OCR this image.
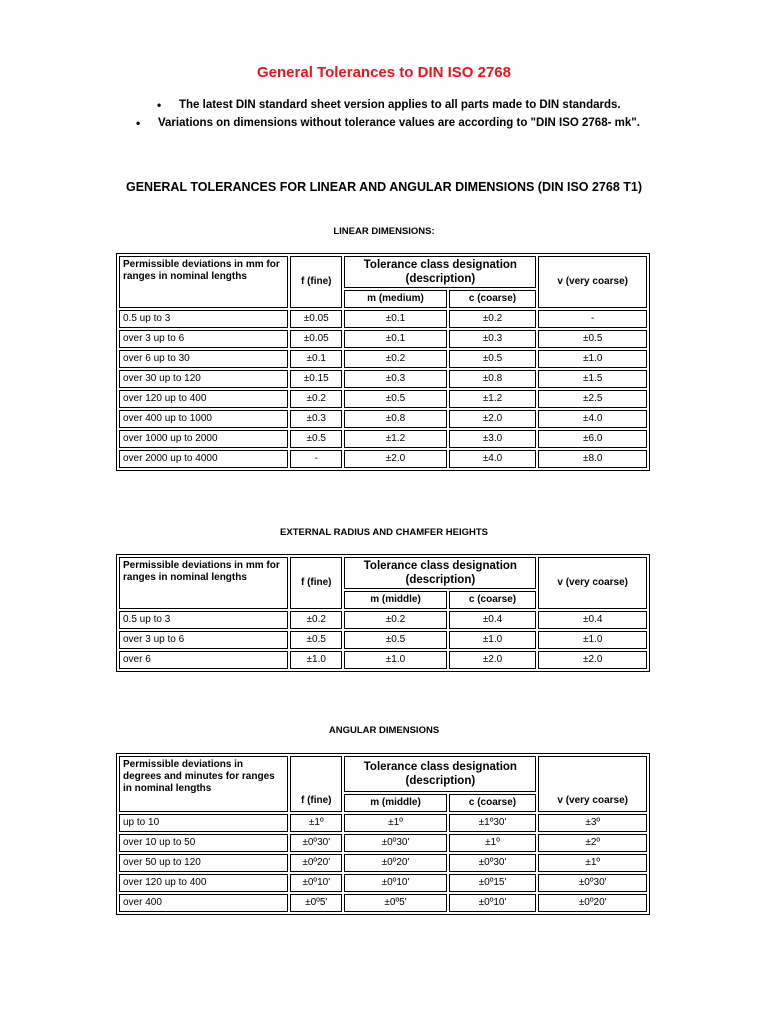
General Tolerances to DIN ISO 2768
• The latest DIN standard sheet version applies to all parts made to DIN standards.
• Variations on dimensions without tolerance values are according to "DIN ISO 2768- mk".
GENERAL TOLERANCES FOR LINEAR AND ANGULAR DIMENSIONS (DIN ISO 2768 T1)
LINEAR DIMENSIONS:
Permissible deviations in mm for ranges in nominal lengths	f (fine)	Tolerance class designation (description)		v (very coarse)
		m (medium)	c (coarse)	
0.5 up to 3	±0.05	±0.1	±0.2	-
over 3 up to 6	±0.05	±0.1	±0.3	±0.5
over 6 up to 30	±0.1	±0.2	±0.5	±1.0
over 30 up to 120	±0.15	±0.3	±0.8	±1.5
over 120 up to 400	±0.2	±0.5	±1.2	±2.5
over 400 up to 1000	±0.3	±0.8	±2.0	±4.0
over 1000 up to 2000	±0.5	±1.2	±3.0	±6.0
over 2000 up to 4000	-	±2.0	±4.0	±8.0
EXTERNAL RADIUS AND CHAMFER HEIGHTS
Permissible deviations in mm for ranges in nominal lengths	f (fine)	Tolerance class designation (description)		v (very coarse)
		m (middle)	c (coarse)	
0.5 up to 3	±0.2	±0.2	±0.4	±0.4
over 3 up to 6	±0.5	±0.5	±1.0	±1.0
over 6	±1.0	±1.0	±2.0	±2.0
ANGULAR DIMENSIONS
Permissible deviations in degrees and minutes for ranges in nominal lengths	f (fine)	Tolerance class designation (description)		v (very coarse)
		m (middle)	c (coarse)	
up to 10	±1º	±1º	±1º30'	±3º
over 10 up to 50	±0º30'	±0º30'	±1º	±2º
over 50 up to 120	±0º20'	±0º20'	±0º30'	±1º
over 120 up to 400	±0º10'	±0º10'	±0º15'	±0º30'
over 400	±0º5'	±0º5'	±0º10'	±0º20'
